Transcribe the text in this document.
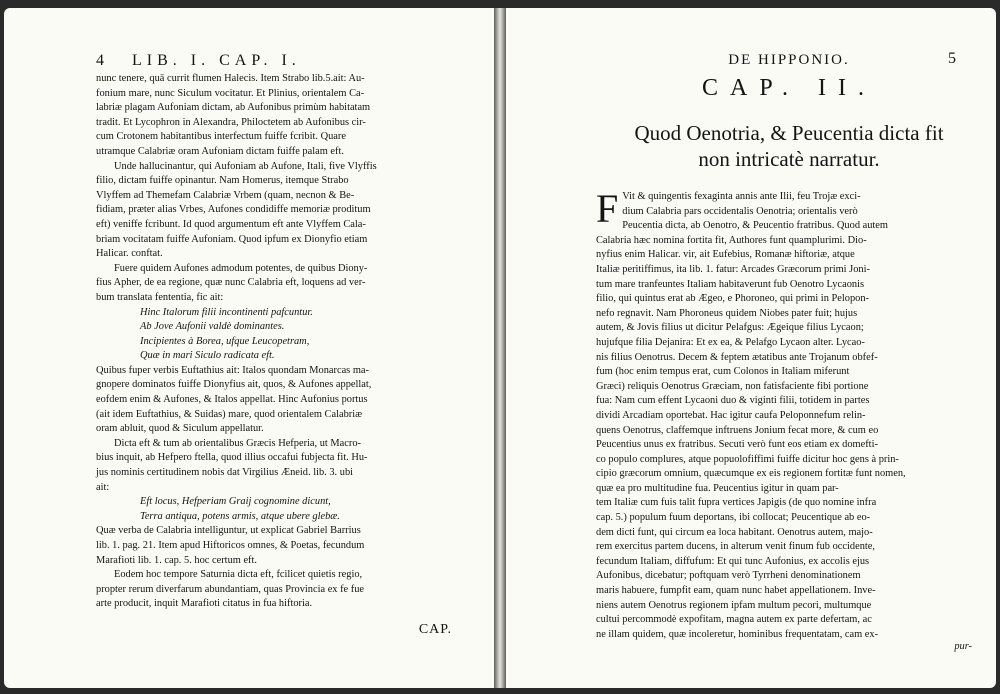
4 LIB. I. CAP. I.

nunc tenere, quā currit flumen Halecis. Item Strabo lib.5.ait: Au-

fonium mare, nunc Siculum vocitatur. Et Plinius, orientalem Ca-

labriæ plagam Aufoniam dictam, ab Aufonibus primùm habitatam

tradit. Et Lycophron in Alexandra, Philoctetem ab Aufonibus cir-

cum Crotonem habitantibus interfectum fuiffe fcribit. Quare

utramque Calabriæ oram Aufoniam dictam fuiffe palam eft.

Unde hallucinantur, qui Aufoniam ab Aufone, Itali, five Vlyffis

filio, dictam fuiffe opinantur. Nam Homerus, itemque Strabo

Vlyffem ad Themefam Calabriæ Vrbem (quam, necnon & Be-

fidiam, præter alias Vrbes, Aufones condidiffe memoriæ proditum

eft) veniffe fcribunt. Id quod argumentum eft ante Vlyffem Cala-

briam vocitatam fuiffe Aufoniam. Quod ipfum ex Dionyfio etiam

Halicar. conftat.

Fuere quidem Aufones admodum potentes, de quibus Diony-

fius Apher, de ea regione, quæ nunc Calabria eft, loquens ad ver-

bum translata fententia, fic ait:

Hinc Italorum filii incontinenti pafcuntur.

Ab Jove Aufonii valdè dominantes.

Incipientes à Borea, ufque Leucopetram,

Quæ in mari Siculo radicata eft.

Quibus fuper verbis Euftathius ait: Italos quondam Monarcas ma-

gnopere dominatos fuiffe Dionyfius ait, quos, & Aufones appellat,

eofdem enim & Aufones, & Italos appellat. Hinc Aufonius portus

(ait idem Euftathius, & Suidas) mare, quod orientalem Calabriæ

oram abluit, quod & Siculum appellatur.

Dicta eft & tum ab orientalibus Græcis Hefperia, ut Macro-

bius inquit, ab Hefpero ftella, quod illius occafui fubjecta fit. Hu-

jus nominis certitudinem nobis dat Virgilius Æneid. lib. 3. ubi

ait:

Eft locus, Hefperiam Graij cognomine dicunt,

Terra antiqua, potens armis, atque ubere glebæ.

Quæ verba de Calabria intelliguntur, ut explicat Gabriel Barrius

lib. 1. pag. 21. Item apud Hiftoricos omnes, & Poetas, fecundum

Marafioti lib. 1. cap. 5. hoc certum eft.

Eodem hoc tempore Saturnia dicta eft, fcilicet quietis regio,

propter rerum diverfarum abundantiam, quas Provincia ex fe fue

arte producit, inquit Marafioti citatus in fua hiftoria.

CAP.
DE HIPPONIO.	5
CAP. II.
Quod Oenotria, & Peucentia dicta fit
non intricatè narratur.
F Vit & quingentis fexaginta annis ante Ilii, feu Trojæ exci-

dium Calabria pars occidentalis Oenotria; orientalis verò

Peucentia dicta, ab Oenotro, & Peucentio fratribus. Quod autem

Calabria hæc nomina fortita fit, Authores funt quamplurimi. Dio-

nyfius enim Halicar. vir, ait Eufebius, Romanæ hiftoriæ, atque

Italiæ peritiffimus, ita lib. 1. fatur: Arcades Græcorum primi Joni-

tum mare tranfeuntes Italiam habitaverunt fub Oenotro Lycaonis

filio, qui quintus erat ab Ægeo, e Phoroneo, qui primi in Pelopon-

nefo regnavit. Nam Phoroneus quidem Niobes pater fuit; hujus

autem, & Jovis filius ut dicitur Pelafgus: Ægeique filius Lycaon;

hujufque filia Dejanira: Et ex ea, & Pelafgo Lycaon alter. Lycao-

nis filius Oenotrus. Decem & feptem ætatibus ante Trojanum obfef-

fum (hoc enim tempus erat, cum Colonos in Italiam miferunt

Græci) reliquis Oenotrus Græciam, non fatisfaciente fibi portione

fua: Nam cum effent Lycaoni duo & viginti filii, totidem in partes

dividi Arcadiam oportebat. Hac igitur caufa Peloponnefum relin-

quens Oenotrus, claffemque inftruens Jonium fecat more, & cum eo

Peucentius unus ex fratribus. Secuti verò funt eos etiam ex domefti-

co populo complures, atque popuolofiffimi fuiffe dicitur hoc gens à prin-

cipio græcorum omnium, quæcumque ex eis regionem fortitæ funt nomen,

quæ ea pro multitudine fua. Peucentius igitur in quam par-

tem Italiæ cum fuis talit fupra vertices Japigis (de quo nomine infra

cap. 5.) populum fuum deportans, ibi collocat; Peucentique ab eo-

dem dicti funt, qui circum ea loca habitant. Oenotrus autem, majo-

rem exercitus partem ducens, in alterum venit finum fub occidente,

fecundum Italiam, diffufum: Et qui tunc Aufonius, ex accolis ejus

Aufonibus, dicebatur; poftquam verò Tyrrheni denominationem

maris habuere, fumpfit eam, quam nunc habet appellationem. Inve-

niens autem Oenotrus regionem ipfam multum pecori, multumque

cultui percommodè expofitam, magna autem ex parte defertam, ac

ne illam quidem, quæ incoleretur, hominibus frequentatam, cam ex-

pur-
